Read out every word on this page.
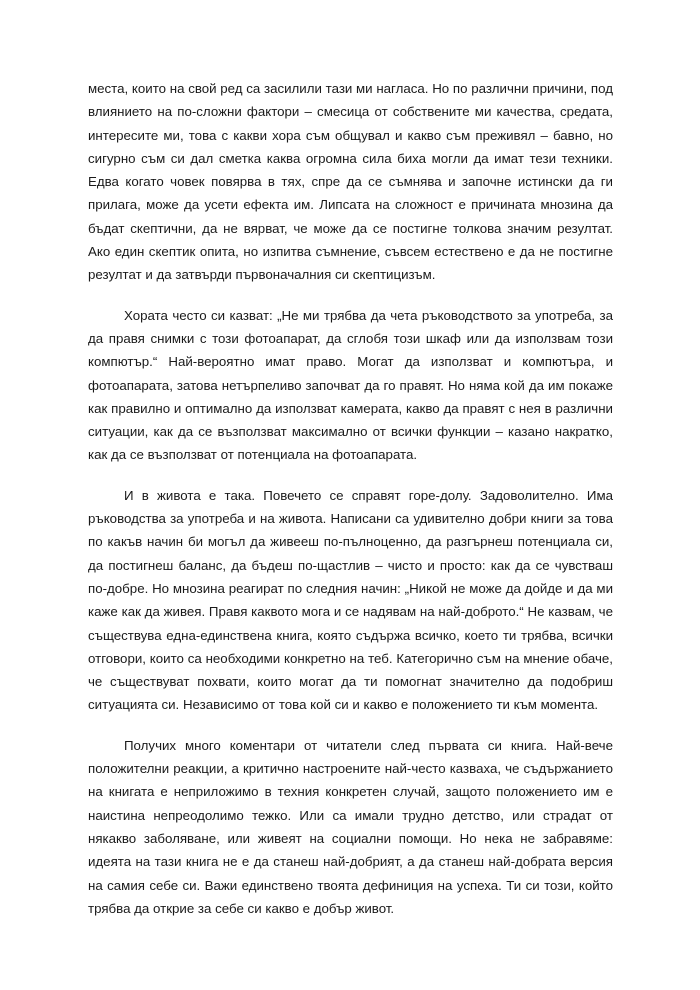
места, които на свой ред са засилили тази ми нагласа. Но по различни причини, под влиянието на по-сложни фактори – смесица от собствените ми качества, средата, интересите ми, това с какви хора съм общувал и какво съм преживял – бавно, но сигурно съм си дал сметка каква огромна сила биха могли да имат тези техники. Едва когато човек повярва в тях, спре да се съмнява и започне истински да ги прилага, може да усети ефекта им. Липсата на сложност е причината мнозина да бъдат скептични, да не вярват, че може да се постигне толкова значим резултат. Ако един скептик опита, но изпитва съмнение, съвсем естествено е да не постигне резултат и да затвърди първоначалния си скептицизъм.

Хората често си казват: „Не ми трябва да чета ръководството за употреба, за да правя снимки с този фотоапарат, да сглобя този шкаф или да използвам този компютър.“ Най-вероятно имат право. Могат да използват и компютъра, и фотоапарата, затова нетърпеливо започват да го правят. Но няма кой да им покаже как правилно и оптимално да използват камерата, какво да правят с нея в различни ситуации, как да се възползват максимално от всички функции – казано накратко, как да се възползват от потенциала на фотоапарата.

И в живота е така. Повечето се справят горе-долу. Задоволително. Има ръководства за употреба и на живота. Написани са удивително добри книги за това по какъв начин би могъл да живееш по-пълноценно, да разгърнеш потенциала си, да постигнеш баланс, да бъдеш по-щастлив – чисто и просто: как да се чувстваш по-добре. Но мнозина реагират по следния начин: „Никой не може да дойде и да ми каже как да живея. Правя каквото мога и се надявам на най-доброто.“ Не казвам, че съществува една-единствена книга, която съдържа всичко, което ти трябва, всички отговори, които са необходими конкретно на теб. Категорично съм на мнение обаче, че съществуват похвати, които могат да ти помогнат значително да подобриш ситуацията си. Независимо от това кой си и какво е положението ти към момента.

Получих много коментари от читатели след първата си книга. Най-вече положителни реакции, а критично настроените най-често казваха, че съдържанието на книгата е неприложимо в техния конкретен случай, защото положението им е наистина непреодолимо тежко. Или са имали трудно детство, или страдат от някакво заболяване, или живеят на социални помощи. Но нека не забравяме: идеята на тази книга не е да станеш най-добрият, а да станеш най-добрата версия на самия себе си. Важи единствено твоята дефиниция на успеха. Ти си този, който трябва да открие за себе си какво е добър живот.
